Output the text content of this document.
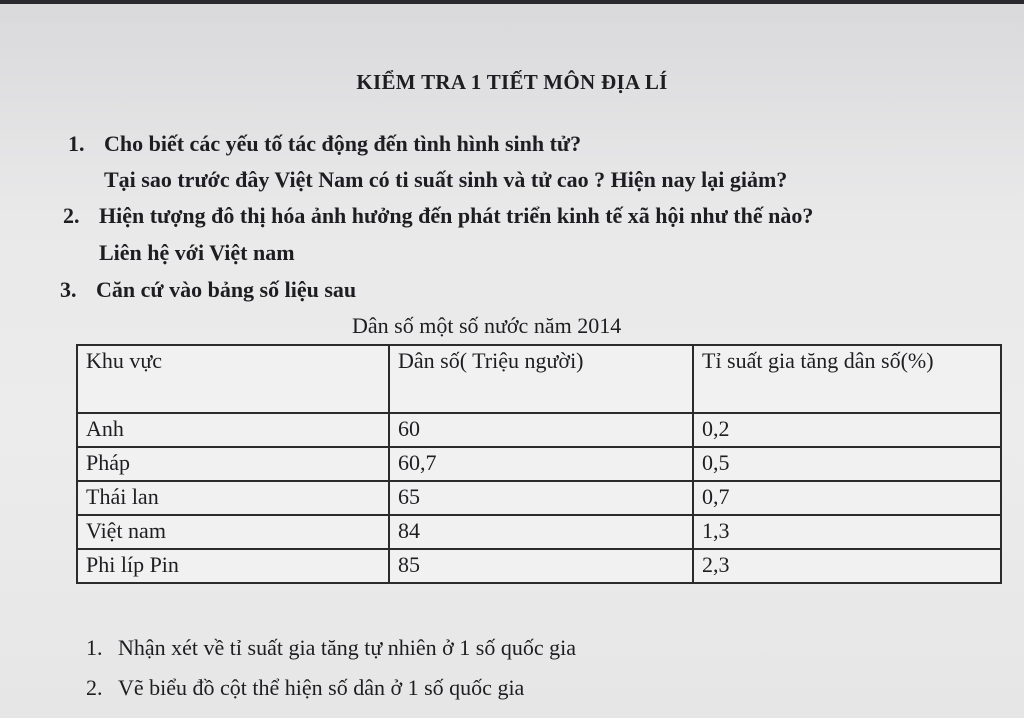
KIỂM TRA 1 TIẾT MÔN ĐỊA LÍ
1. Cho biết các yếu tố tác động đến tình hình sinh tử?
Tại sao trước đây Việt Nam có ti suất sinh và tử cao ? Hiện nay lại giảm?
2. Hiện tượng đô thị hóa ảnh hưởng đến phát triển kinh tế xã hội như thế nào?
Liên hệ với Việt nam
3. Căn cứ vào bảng số liệu sau
Dân số một số nước năm 2014
Khu vực	Dân số( Triệu người)	Tỉ suất gia tăng dân số(%)
Anh	60	0,2
Pháp	60,7	0,5
Thái lan	65	0,7
Việt nam	84	1,3
Phi líp Pin	85	2,3
1. Nhận xét về tỉ suất gia tăng tự nhiên ở 1 số quốc gia
2. Vẽ biểu đồ cột thể hiện số dân ở 1 số quốc gia
